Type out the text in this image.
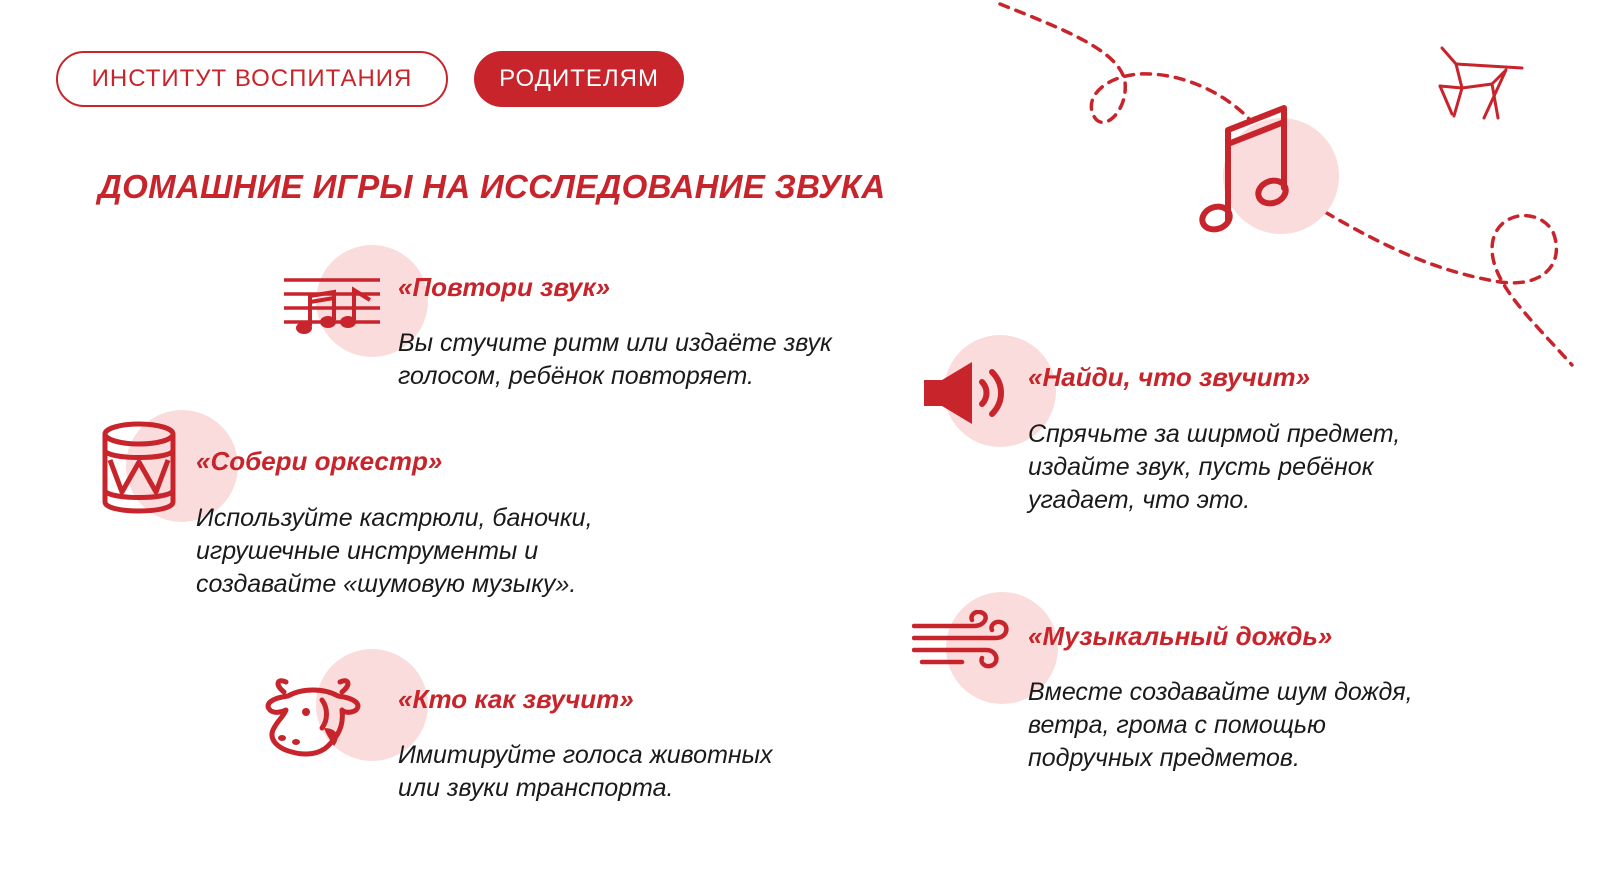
ИНСТИТУТ ВОСПИТАНИЯ	РОДИТЕЛЯМ
ДОМАШНИЕ ИГРЫ НА ИССЛЕДОВАНИЕ ЗВУКА
«Повтори звук»
Вы стучите ритм или издаёте звук
голосом, ребёнок повторяет.
«Собери оркестр»
Используйте кастрюли, баночки,
игрушечные инструменты и
создавайте «шумовую музыку».
«Кто как звучит»
Имитируйте голоса животных
или звуки транспорта.
«Найди, что звучит»
Спрячьте за ширмой предмет,
издайте звук, пусть ребёнок
угадает, что это.
«Музыкальный дождь»
Вместе создавайте шум дождя,
ветра, грома с помощью
подручных предметов.
